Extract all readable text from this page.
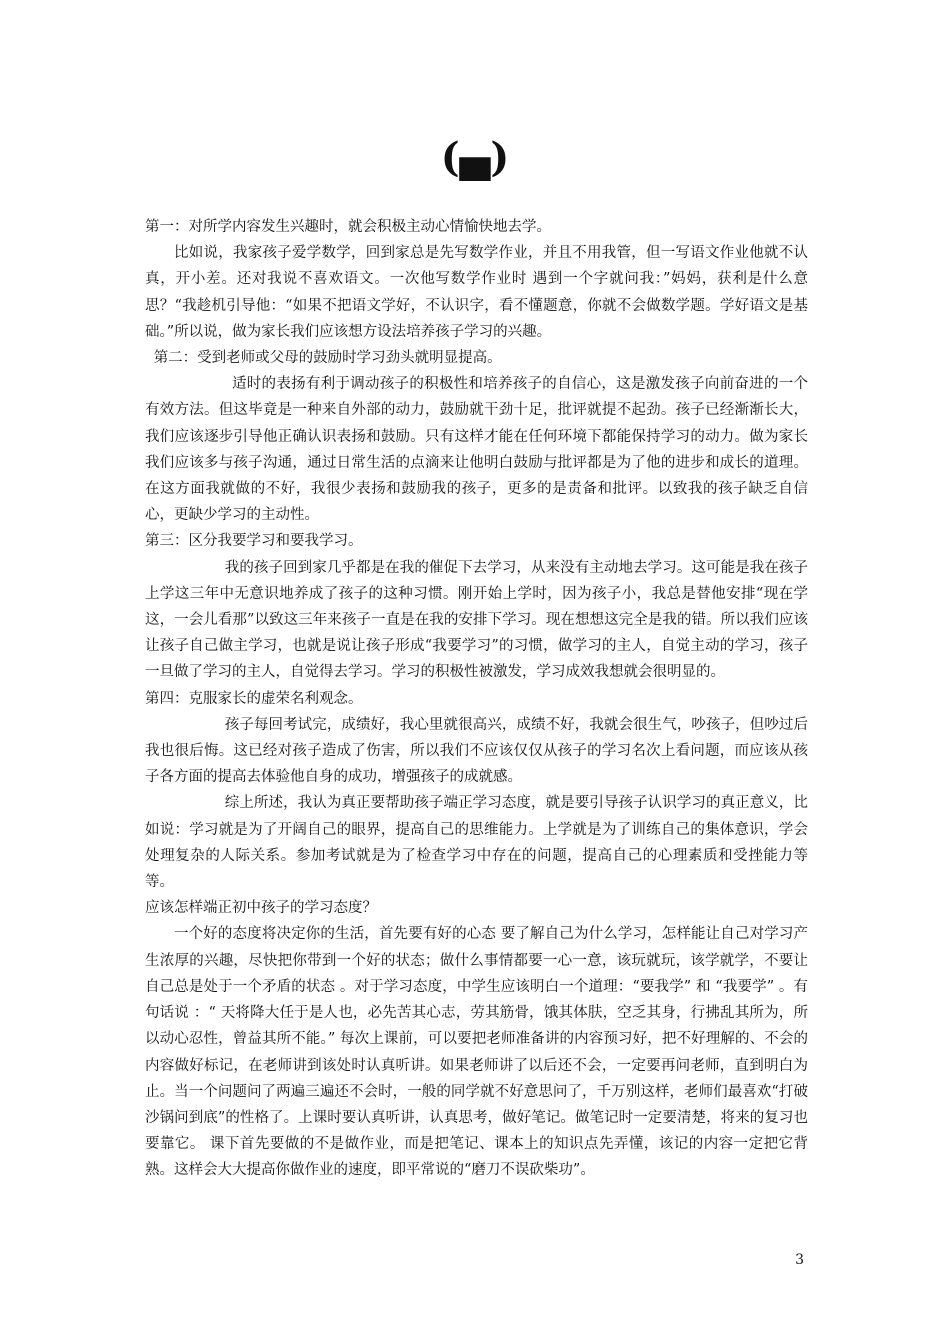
(▄)

第一：对所学内容发生兴趣时，就会积极主动心情愉快地去学。

比如说，我家孩子爱学数学，回到家总是先写数学作业，并且不用我管，但一写语文作业他就不认真，开小差。还对我说不喜欢语文。一次他写数学作业时 遇到一个字就问我：”妈妈，获利是什么意思？“我趁机引导他：“如果不把语文学好，不认识字，看不懂题意，你就不会做数学题。学好语文是基础。”所以说，做为家长我们应该想方设法培养孩子学习的兴趣。

第二：受到老师或父母的鼓励时学习劲头就明显提高。

适时的表扬有利于调动孩子的积极性和培养孩子的自信心，这是激发孩子向前奋进的一个有效方法。但这毕竟是一种来自外部的动力，鼓励就干劲十足，批评就提不起劲。孩子已经渐渐长大，我们应该逐步引导他正确认识表扬和鼓励。只有这样才能在任何环境下都能保持学习的动力。做为家长我们应该多与孩子沟通，通过日常生活的点滴来让他明白鼓励与批评都是为了他的进步和成长的道理。在这方面我就做的不好，我很少表扬和鼓励我的孩子，更多的是责备和批评。以致我的孩子缺乏自信心，更缺少学习的主动性。

第三：区分我要学习和要我学习。

我的孩子回到家几乎都是在我的催促下去学习，从来没有主动地去学习。这可能是我在孩子上学这三年中无意识地养成了孩子的这种习惯。刚开始上学时，因为孩子小，我总是替他安排“现在学这，一会儿看那”以致这三年来孩子一直是在我的安排下学习。现在想想这完全是我的错。所以我们应该让孩子自己做主学习，也就是说让孩子形成“我要学习”的习惯，做学习的主人，自觉主动的学习，孩子一旦做了学习的主人，自觉得去学习。学习的积极性被激发，学习成效我想就会很明显的。

第四：克服家长的虚荣名利观念。

孩子每回考试完，成绩好，我心里就很高兴，成绩不好，我就会很生气，吵孩子，但吵过后我也很后悔。这已经对孩子造成了伤害，所以我们不应该仅仅从孩子的学习名次上看问题，而应该从孩子各方面的提高去体验他自身的成功，增强孩子的成就感。

综上所述，我认为真正要帮助孩子端正学习态度，就是要引导孩子认识学习的真正意义，比如说：学习就是为了开阔自己的眼界，提高自己的思维能力。上学就是为了训练自己的集体意识，学会处理复杂的人际关系。参加考试就是为了检查学习中存在的问题，提高自己的心理素质和受挫能力等等。

应该怎样端正初中孩子的学习态度？

一个好的态度将决定你的生活，首先要有好的心态 要了解自己为什么学习，怎样能让自己对学习产生浓厚的兴趣，尽快把你带到一个好的状态；做什么事情都要一心一意，该玩就玩，该学就学，不要让自己总是处于一个矛盾的状态 。对于学习态度，中学生应该明白一个道理：“要我学” 和 “我要学” 。有句话说 ：“ 天将降大任于是人也，必先苦其心志，劳其筋骨，饿其体肤，空乏其身，行拂乱其所为，所以动心忍性，曾益其所不能。” 每次上课前，可以要把老师准备讲的内容预习好，把不好理解的、不会的内容做好标记，在老师讲到该处时认真听讲。如果老师讲了以后还不会，一定要再问老师，直到明白为止。当一个问题问了两遍三遍还不会时，一般的同学就不好意思问了，千万别这样，老师们最喜欢“打破沙锅问到底”的性格了。上课时要认真听讲，认真思考，做好笔记。做笔记时一定要清楚，将来的复习也要靠它。 课下首先要做的不是做作业，而是把笔记、课本上的知识点先弄懂，该记的内容一定把它背熟。这样会大大提高你做作业的速度，即平常说的“磨刀不误砍柴功”。

3
